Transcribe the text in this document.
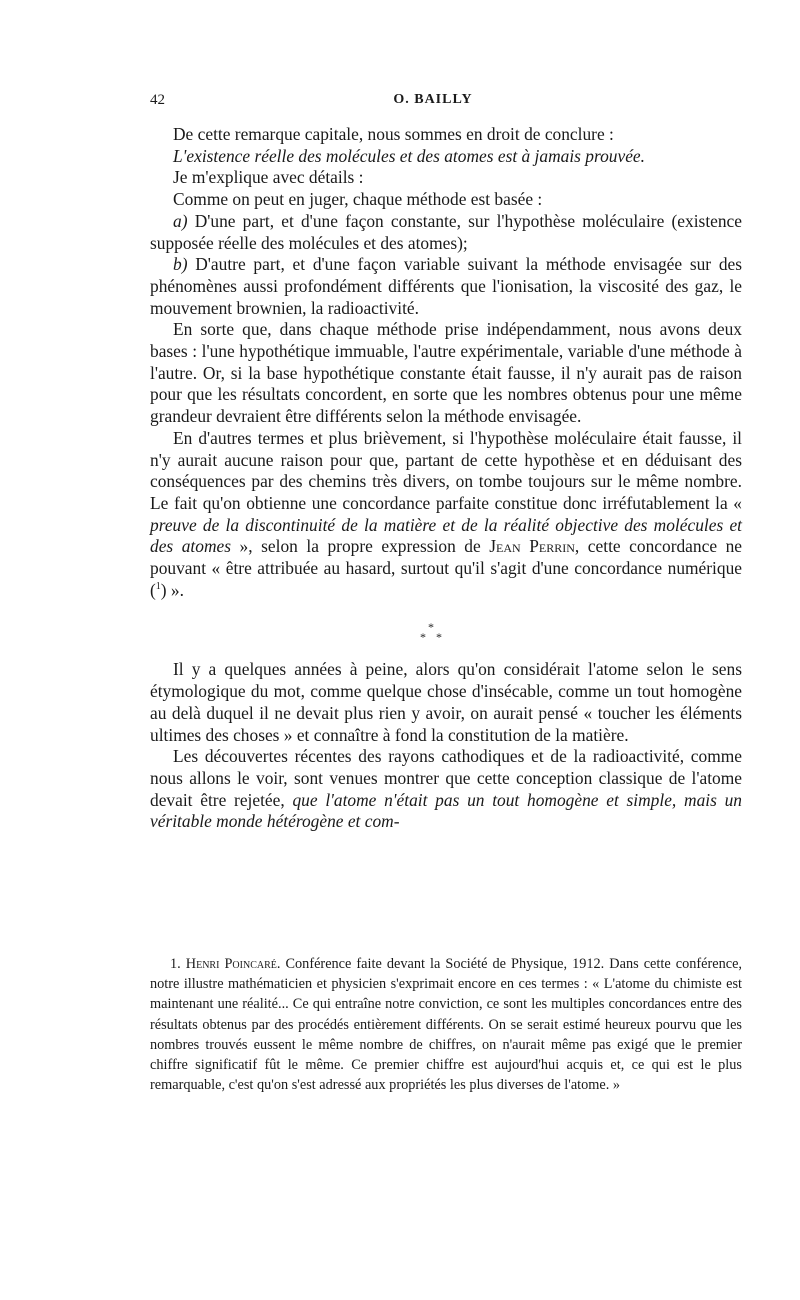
42	O. BAILLY

De cette remarque capitale, nous sommes en droit de conclure :

L'existence réelle des molécules et des atomes est à jamais prouvée.

Je m'explique avec détails :

Comme on peut en juger, chaque méthode est basée :

a) D'une part, et d'une façon constante, sur l'hypothèse moléculaire (existence supposée réelle des molécules et des atomes);

b) D'autre part, et d'une façon variable suivant la méthode envisagée sur des phénomènes aussi profondément différents que l'ionisation, la viscosité des gaz, le mouvement brownien, la radioactivité.

En sorte que, dans chaque méthode prise indépendamment, nous avons deux bases : l'une hypothétique immuable, l'autre expérimentale, variable d'une méthode à l'autre. Or, si la base hypothétique constante était fausse, il n'y aurait pas de raison pour que les résultats concordent, en sorte que les nombres obtenus pour une même grandeur devraient être différents selon la méthode envisagée.

En d'autres termes et plus brièvement, si l'hypothèse moléculaire était fausse, il n'y aurait aucune raison pour que, partant de cette hypothèse et en déduisant des conséquences par des chemins très divers, on tombe toujours sur le même nombre. Le fait qu'on obtienne une concordance parfaite constitue donc irréfutablement la « preuve de la discontinuité de la matière et de la réalité objective des molécules et des atomes », selon la propre expression de Jean Perrin, cette concordance ne pouvant « être attribuée au hasard, surtout qu'il s'agit d'une concordance numérique ($^1$) ».

*
* *

Il y a quelques années à peine, alors qu'on considérait l'atome selon le sens étymologique du mot, comme quelque chose d'insécable, comme un tout homogène au delà duquel il ne devait plus rien y avoir, on aurait pensé « toucher les éléments ultimes des choses » et connaître à fond la constitution de la matière.

Les découvertes récentes des rayons cathodiques et de la radioactivité, comme nous allons le voir, sont venues montrer que cette conception classique de l'atome devait être rejetée, que l'atome n'était pas un tout homogène et simple, mais un véritable monde hétérogène et com-

1. Henri Poincaré. Conférence faite devant la Société de Physique, 1912. Dans cette conférence, notre illustre mathématicien et physicien s'exprimait encore en ces termes : « L'atome du chimiste est maintenant une réalité... Ce qui entraîne notre conviction, ce sont les multiples concordances entre des résultats obtenus par des procédés entièrement différents. On se serait estimé heureux pourvu que les nombres trouvés eussent le même nombre de chiffres, on n'aurait même pas exigé que le premier chiffre significatif fût le même. Ce premier chiffre est aujourd'hui acquis et, ce qui est le plus remarquable, c'est qu'on s'est adressé aux propriétés les plus diverses de l'atome. »
